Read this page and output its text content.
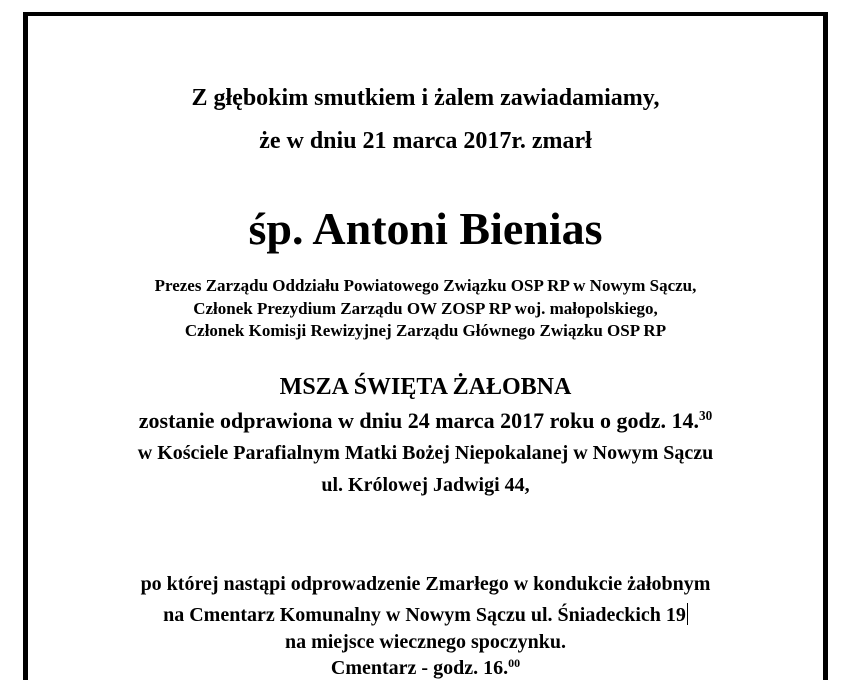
Z głębokim smutkiem i żalem zawiadamiamy,
że w dniu 21 marca 2017r. zmarł
śp. Antoni Bienias
Prezes Zarządu Oddziału Powiatowego Związku OSP RP w Nowym Sączu,
Członek Prezydium Zarządu OW ZOSP RP woj. małopolskiego,
Członek Komisji Rewizyjnej Zarządu Głównego Związku OSP RP
MSZA ŚWIĘTA ŻAŁOBNA
zostanie odprawiona w dniu 24 marca 2017 roku o godz. 14.30
w Kościele Parafialnym Matki Bożej Niepokalanej w Nowym Sączu
ul. Królowej Jadwigi 44,
po której nastąpi odprowadzenie Zmarłego w kondukcie żałobnym
na Cmentarz Komunalny w Nowym Sączu ul. Śniadeckich 19
na miejsce wiecznego spoczynku.
Cmentarz - godz. 16.00
